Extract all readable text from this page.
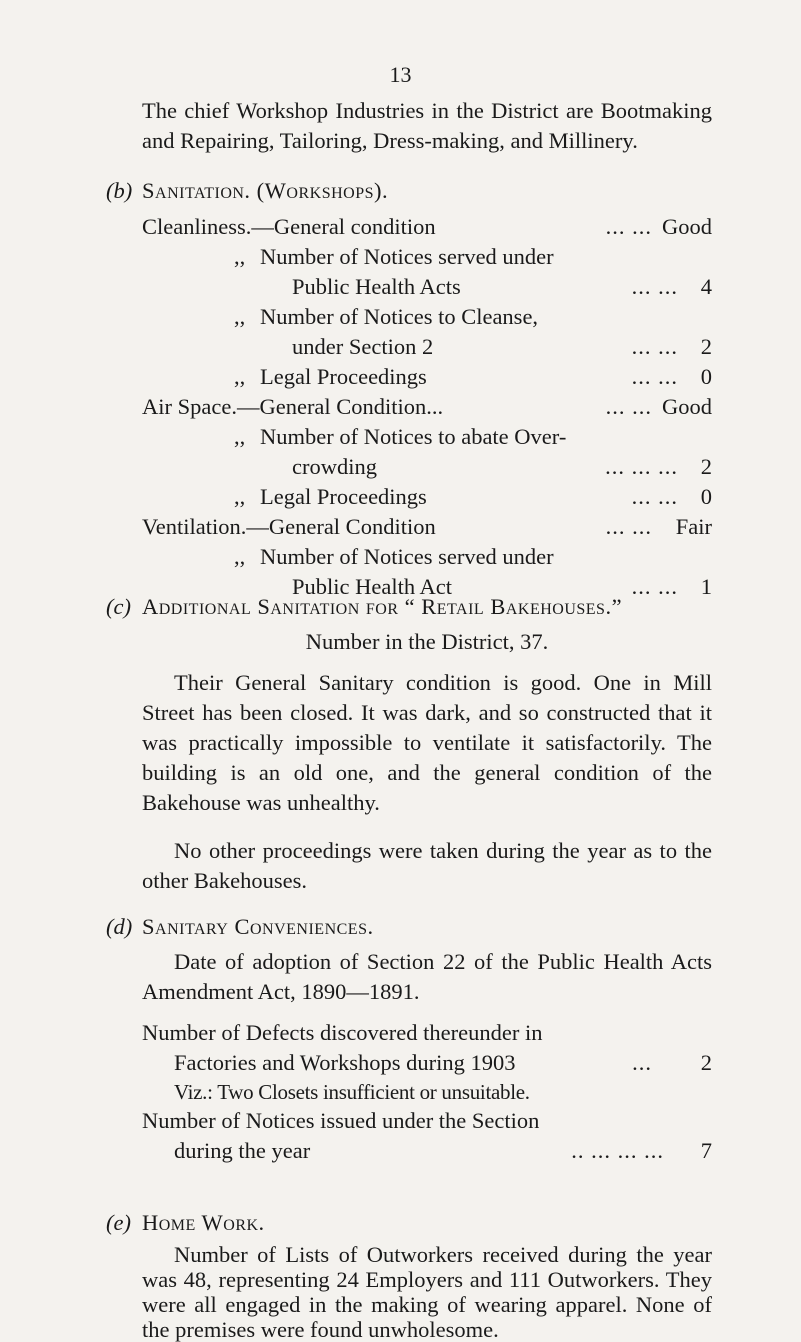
13

The chief Workshop Industries in the District are Bootmaking and Repairing, Tailoring, Dress-making, and Millinery.

(b) Sanitation. (Workshops).
Cleanliness.—General condition	... ... Good
,, Number of Notices served under
Public Health Acts	... ... 4
,, Number of Notices to Cleanse,
under Section 2	... ... 2
,, Legal Proceedings	... ... 0
Air Space.—General Condition...	... ... Good
,, Number of Notices to abate Over-
crowding	... ... ... 2
,, Legal Proceedings	... ... 0
Ventilation.—General Condition	... ... Fair
,, Number of Notices served under
Public Health Act	... ... 1
(c) Additional Sanitation for “ Retail Bakehouses.”
Number in the District, 37.

Their General Sanitary condition is good. One in Mill Street has been closed. It was dark, and so constructed that it was practically impossible to ventilate it satisfactorily. The building is an old one, and the general condition of the Bakehouse was unhealthy.

No other proceedings were taken during the year as to the other Bakehouses.

(d) Sanitary Conveniences.

Date of adoption of Section 22 of the Public Health Acts Amendment Act, 1890—1891.

Number of Defects discovered thereunder in
Factories and Workshops during 1903	... 2
Viz.: Two Closets insufficient or unsuitable.
Number of Notices issued under the Section
during the year	.. ... ... ... 7
(e) Home Work.

Number of Lists of Outworkers received during the year was 48, representing 24 Employers and 111 Outworkers. They were all engaged in the making of wearing apparel. None of the premises were found unwholesome.
